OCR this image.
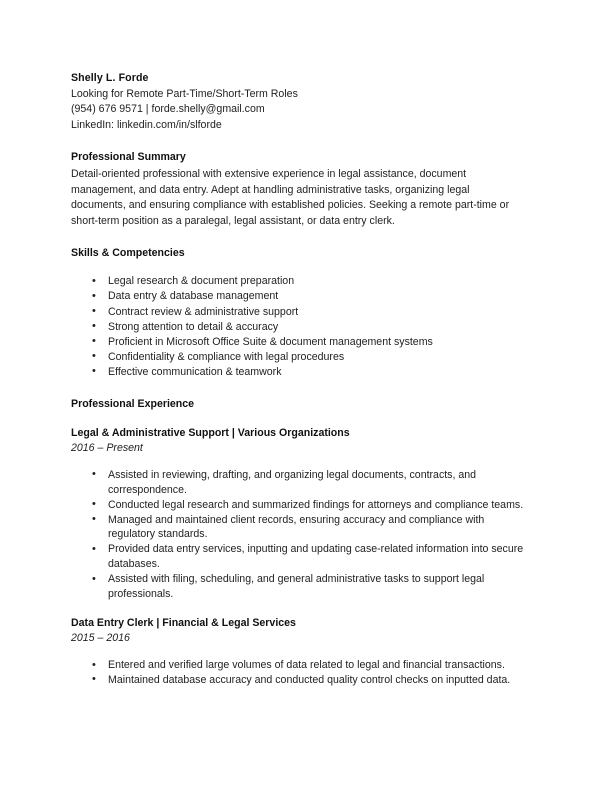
Shelly L. Forde
Looking for Remote Part-Time/Short-Term Roles
(954) 676 9571 | forde.shelly@gmail.com
LinkedIn: linkedin.com/in/slforde
Professional Summary
Detail-oriented professional with extensive experience in legal assistance, document management, and data entry. Adept at handling administrative tasks, organizing legal documents, and ensuring compliance with established policies. Seeking a remote part-time or short-term position as a paralegal, legal assistant, or data entry clerk.
Skills & Competencies
• Legal research & document preparation
• Data entry & database management
• Contract review & administrative support
• Strong attention to detail & accuracy
• Proficient in Microsoft Office Suite & document management systems
• Confidentiality & compliance with legal procedures
• Effective communication & teamwork
Professional Experience
Legal & Administrative Support | Various Organizations
2016 – Present
• Assisted in reviewing, drafting, and organizing legal documents, contracts, and correspondence.
• Conducted legal research and summarized findings for attorneys and compliance teams.
• Managed and maintained client records, ensuring accuracy and compliance with regulatory standards.
• Provided data entry services, inputting and updating case-related information into secure databases.
• Assisted with filing, scheduling, and general administrative tasks to support legal professionals.
Data Entry Clerk | Financial & Legal Services
2015 – 2016
• Entered and verified large volumes of data related to legal and financial transactions.
• Maintained database accuracy and conducted quality control checks on inputted data.
